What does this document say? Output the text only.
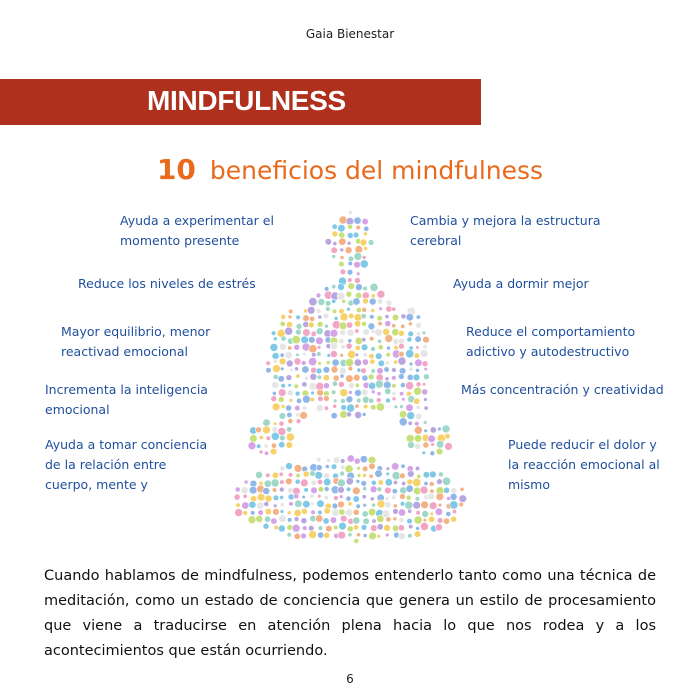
Gaia Bienestar
MINDFULNESS
10 beneficios del mindfulness
Ayuda a experimentar el momento presente
Reduce los niveles de estrés
Mayor equilibrio, menor reactivad emocional
Incrementa la inteligencia emocional
Ayuda a tomar conciencia de la relación entre cuerpo, mente y
Cambia y mejora la estructura cerebral
Ayuda a dormir mejor
Reduce el comportamiento adictivo y autodestructivo
Más concentración y creatividad
Puede reducir el dolor y la reacción emocional al mismo
Cuando hablamos de mindfulness, podemos entenderlo tanto como una técnica de meditación, como un estado de conciencia que genera un estilo de procesamiento que viene a traducirse en atención plena hacia lo que nos rodea y a los acontecimientos que están ocurriendo.
6
